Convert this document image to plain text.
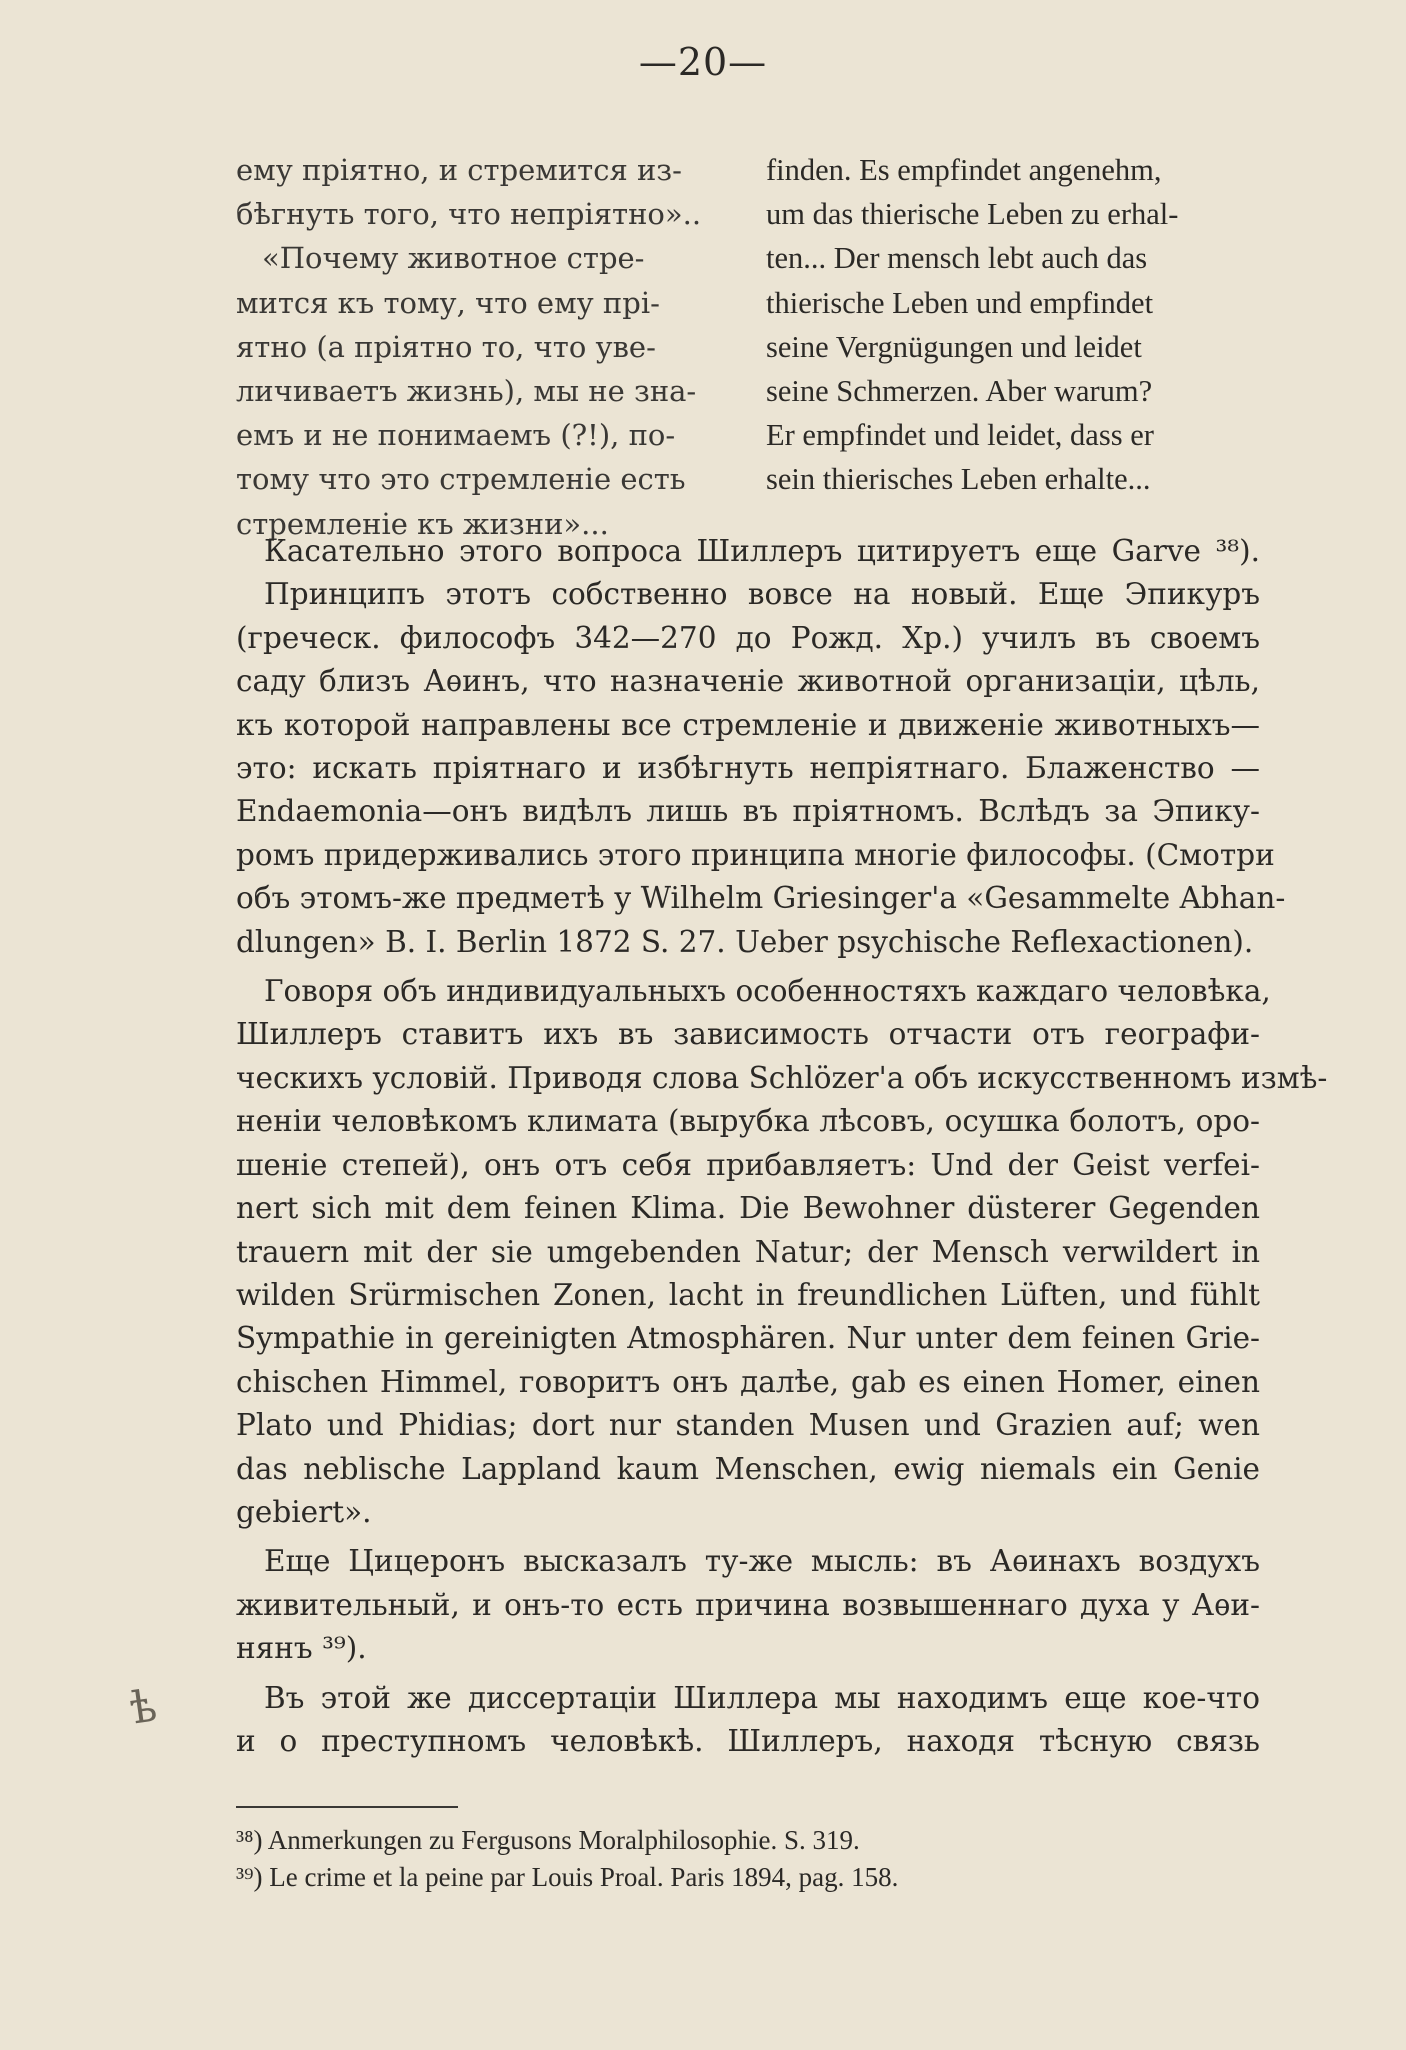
—20—
ему пріятно, и стремится из-
бѣгнуть того, что непріятно»..
«Почему животное стре-
мится къ тому, что ему прі-
ятно (а пріятно то, что уве-
личиваетъ жизнь), мы не зна-
емъ и не понимаемъ (?!), по-
тому что это стремленіе есть
стремленіе къ жизни»...
finden. Es empfindet angenehm,
um das thierische Leben zu erhal-
ten... Der mensch lebt auch das
thierische Leben und empfindet
seine Vergnügungen und leidet
seine Schmerzen. Aber warum?
Er empfindet und leidet, dass er
sein thierisches Leben erhalte...
Касательно этого вопроса Шиллеръ цитируетъ еще Garve ³⁸).
Принципъ этотъ собственно вовсе на новый. Еще Эпикуръ
(греческ. философъ 342—270 до Рожд. Хр.) училъ въ своемъ
саду близъ Аѳинъ, что назначеніе животной организаціи, цѣль,
къ которой направлены все стремленіе и движеніе животныхъ—
это: искать пріятнаго и избѣгнуть непріятнаго. Блаженство —
Endaemonia—онъ видѣлъ лишь въ пріятномъ. Вслѣдъ за Эпику-
ромъ придерживались этого принципа многіе философы. (Смотри
объ этомъ-же предметѣ у Wilhelm Griesinger'а «Gesammelte Abhan-
dlungen» B. I. Berlin 1872 S. 27. Ueber psychische Reflexactionen).
Говоря объ индивидуальныхъ особенностяхъ каждаго человѣка,
Шиллеръ ставитъ ихъ въ зависимость отчасти отъ географи-
ческихъ условій. Приводя слова Schlözer'а объ искусственномъ измѣ-
неніи человѣкомъ климата (вырубка лѣсовъ, осушка болотъ, оро-
шеніе степей), онъ отъ себя прибавляетъ: Und der Geist verfei-
nert sich mit dem feinen Klima. Die Bewohner düsterer Gegenden
trauern mit der sie umgebenden Natur; der Mensch verwildert in
wilden Srürmischen Zonen, lacht in freundlichen Lüften, und fühlt
Sympathie in gereinigten Atmosphären. Nur unter dem feinen Grie-
chischen Himmel, говоритъ онъ далѣе, gab es einen Homer, einen
Plato und Phidias; dort nur standen Musen und Grazien auf; wen
das neblische Lappland kaum Menschen, ewig niemals ein Genie
gebiert».
Еще Цицеронъ высказалъ ту-же мысль: въ Аѳинахъ воздухъ
живительный, и онъ-то есть причина возвышеннаго духа у Аѳи-
нянъ ³⁹).
Въ этой же диссертаціи Шиллера мы находимъ еще кое-что
и о преступномъ человѣкѣ. Шиллеръ, находя тѣсную связь
ѣ
³⁸) Anmerkungen zu Fergusons Moralphilosophie. S. 319.
³⁹) Le crime et la peine par Louis Proal. Paris 1894, pag. 158.
